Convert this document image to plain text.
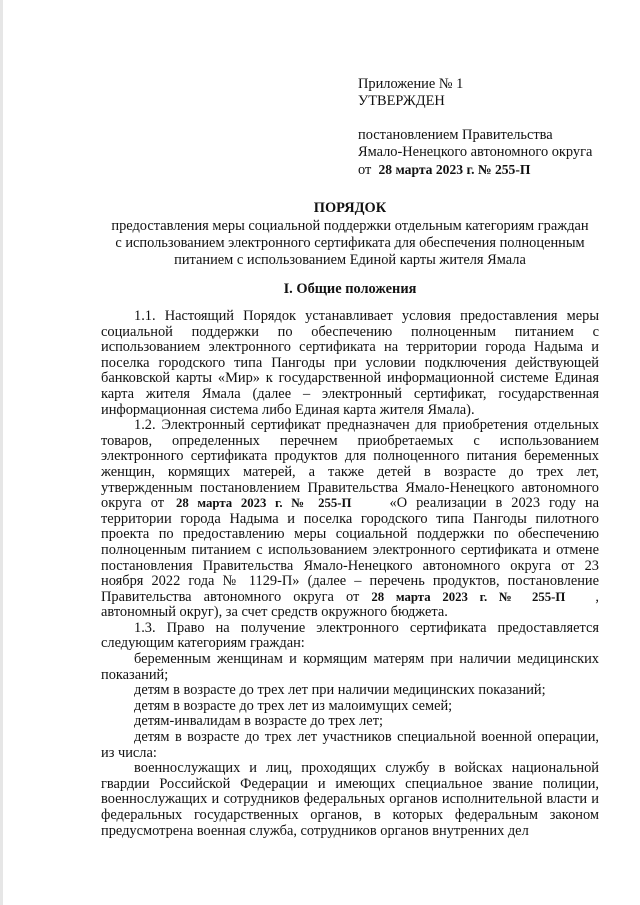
Приложение № 1
УТВЕРЖДЕН
постановлением Правительства
Ямало-Ненецкого автономного округа
от 28 марта 2023 г. № 255-П
ПОРЯДОК
предоставления меры социальной поддержки отдельным категориям граждан
с использованием электронного сертификата для обеспечения полноценным
питанием с использованием Единой карты жителя Ямала
I. Общие положения

1.1. Настоящий Порядок устанавливает условия предоставления меры социальной поддержки по обеспечению полноценным питанием с использованием электронного сертификата на территории города Надыма и поселка городского типа Пангоды при условии подключения действующей банковской карты «Мир» к государственной информационной системе Единая карта жителя Ямала (далее – электронный сертификат, государственная информационная система либо Единая карта жителя Ямала).

1.2. Электронный сертификат предназначен для приобретения отдельных товаров, определенных перечнем приобретаемых с использованием электронного сертификата продуктов для полноценного питания беременных женщин, кормящих матерей, а также детей в возрасте до трех лет, утвержденным постановлением Правительства Ямало-Ненецкого автономного округа от 28 марта 2023 г. № 255-П	«О реализации в 2023 году на территории города Надыма и поселка городского типа Пангоды пилотного проекта по предоставлению меры социальной поддержки по обеспечению полноценным питанием с использованием электронного сертификата и отмене постановления Правительства Ямало-Ненецкого автономного округа от 23 ноября 2022 года № 1129-П» (далее – перечень продуктов, постановление Правительства автономного округа от 28 марта 2023 г. № 255-П , автономный округ), за счет средств окружного бюджета.

1.3. Право на получение электронного сертификата предоставляется следующим категориям граждан:

беременным женщинам и кормящим матерям при наличии медицинских показаний;

детям в возрасте до трех лет при наличии медицинских показаний;

детям в возрасте до трех лет из малоимущих семей;

детям-инвалидам в возрасте до трех лет;

детям в возрасте до трех лет участников специальной военной операции, из числа:

военнослужащих и лиц, проходящих службу в войсках национальной гвардии Российской Федерации и имеющих специальное звание полиции, военнослужащих и сотрудников федеральных органов исполнительной власти и федеральных государственных органов, в которых федеральным законом предусмотрена военная служба, сотрудников органов внутренних дел
